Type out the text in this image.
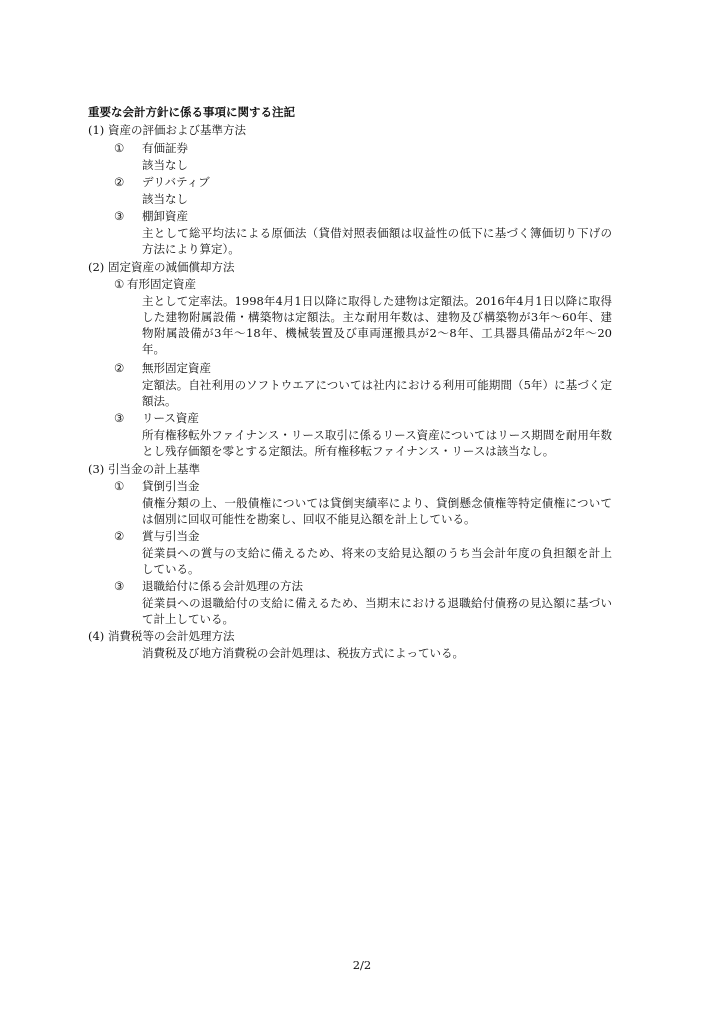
重要な会計方針に係る事項に関する注記
(1) 資産の評価および基準方法
① 有価証券
該当なし
② デリバティブ
該当なし
③ 棚卸資産
主として総平均法による原価法（貸借対照表価額は収益性の低下に基づく簿価切り下げの方法により算定）。
(2) 固定資産の減価償却方法
① 有形固定資産
主として定率法。1998年4月1日以降に取得した建物は定額法。2016年4月1日以降に取得した建物附属設備・構築物は定額法。主な耐用年数は、建物及び構築物が3年～60年、建物附属設備が3年～18年、機械装置及び車両運搬具が2～8年、工具器具備品が2年～20年。
② 無形固定資産
定額法。自社利用のソフトウエアについては社内における利用可能期間（5年）に基づく定額法。
③ リース資産
所有権移転外ファイナンス・リース取引に係るリース資産についてはリース期間を耐用年数とし残存価額を零とする定額法。所有権移転ファイナンス・リースは該当なし。
(3) 引当金の計上基準
① 貸倒引当金
債権分類の上、一般債権については貸倒実績率により、貸倒懸念債権等特定債権については個別に回収可能性を勘案し、回収不能見込額を計上している。
② 賞与引当金
従業員への賞与の支給に備えるため、将来の支給見込額のうち当会計年度の負担額を計上している。
③ 退職給付に係る会計処理の方法
従業員への退職給付の支給に備えるため、当期末における退職給付債務の見込額に基づいて計上している。
(4) 消費税等の会計処理方法
消費税及び地方消費税の会計処理は、税抜方式によっている。
2/2
